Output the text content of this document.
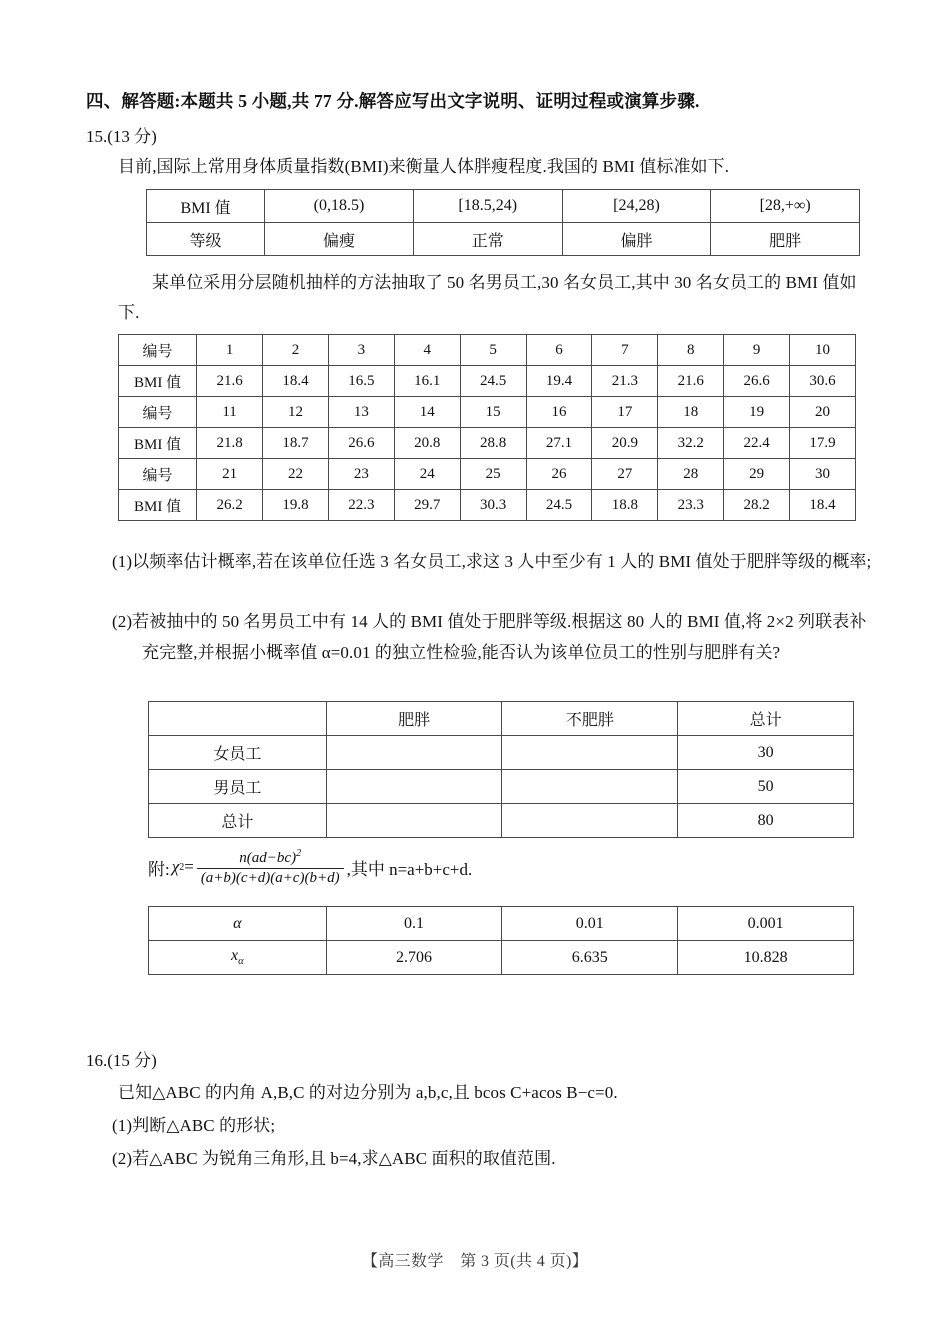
四、解答题:本题共 5 小题,共 77 分.解答应写出文字说明、证明过程或演算步骤.
15.(13 分)
目前,国际上常用身体质量指数(BMI)来衡量人体胖瘦程度.我国的 BMI 值标准如下.
BMI 值	(0,18.5)	[18.5,24)	[24,28)	[28,+∞)
等级	偏瘦	正常	偏胖	肥胖
某单位采用分层随机抽样的方法抽取了 50 名男员工,30 名女员工,其中 30 名女员工的 BMI 值如下.
编号	1	2	3	4	5	6	7	8	9	10
BMI 值	21.6	18.4	16.5	16.1	24.5	19.4	21.3	21.6	26.6	30.6
编号	11	12	13	14	15	16	17	18	19	20
BMI 值	21.8	18.7	26.6	20.8	28.8	27.1	20.9	32.2	22.4	17.9
编号	21	22	23	24	25	26	27	28	29	30
BMI 值	26.2	19.8	22.3	29.7	30.3	24.5	18.8	23.3	28.2	18.4
(1)以频率估计概率,若在该单位任选 3 名女员工,求这 3 人中至少有 1 人的 BMI 值处于肥胖等级的概率;
(2)若被抽中的 50 名男员工中有 14 人的 BMI 值处于肥胖等级.根据这 80 人的 BMI 值,将 2×2 列联表补充完整,并根据小概率值 α=0.01 的独立性检验,能否认为该单位员工的性别与肥胖有关?
	肥胖	不肥胖	总计
女员工			30
男员工			50
总计			80
附: χ $2 = \frac{n(ad-bc)^2}{(a+b)(c+d)(a+c)(b+d)}$ ,其中 n=a+b+c+d.
α	0.1	0.01	0.001
$x_\alpha$	2.706	6.635	10.828
16.(15 分)
已知△ABC 的内角 A,B,C 的对边分别为 a,b,c,且 bcos C+acos B−c=0.
(1)判断△ABC 的形状;
(2)若△ABC 为锐角三角形,且 b=4,求△ABC 面积的取值范围.
【高三数学　第 3 页(共 4 页)】
